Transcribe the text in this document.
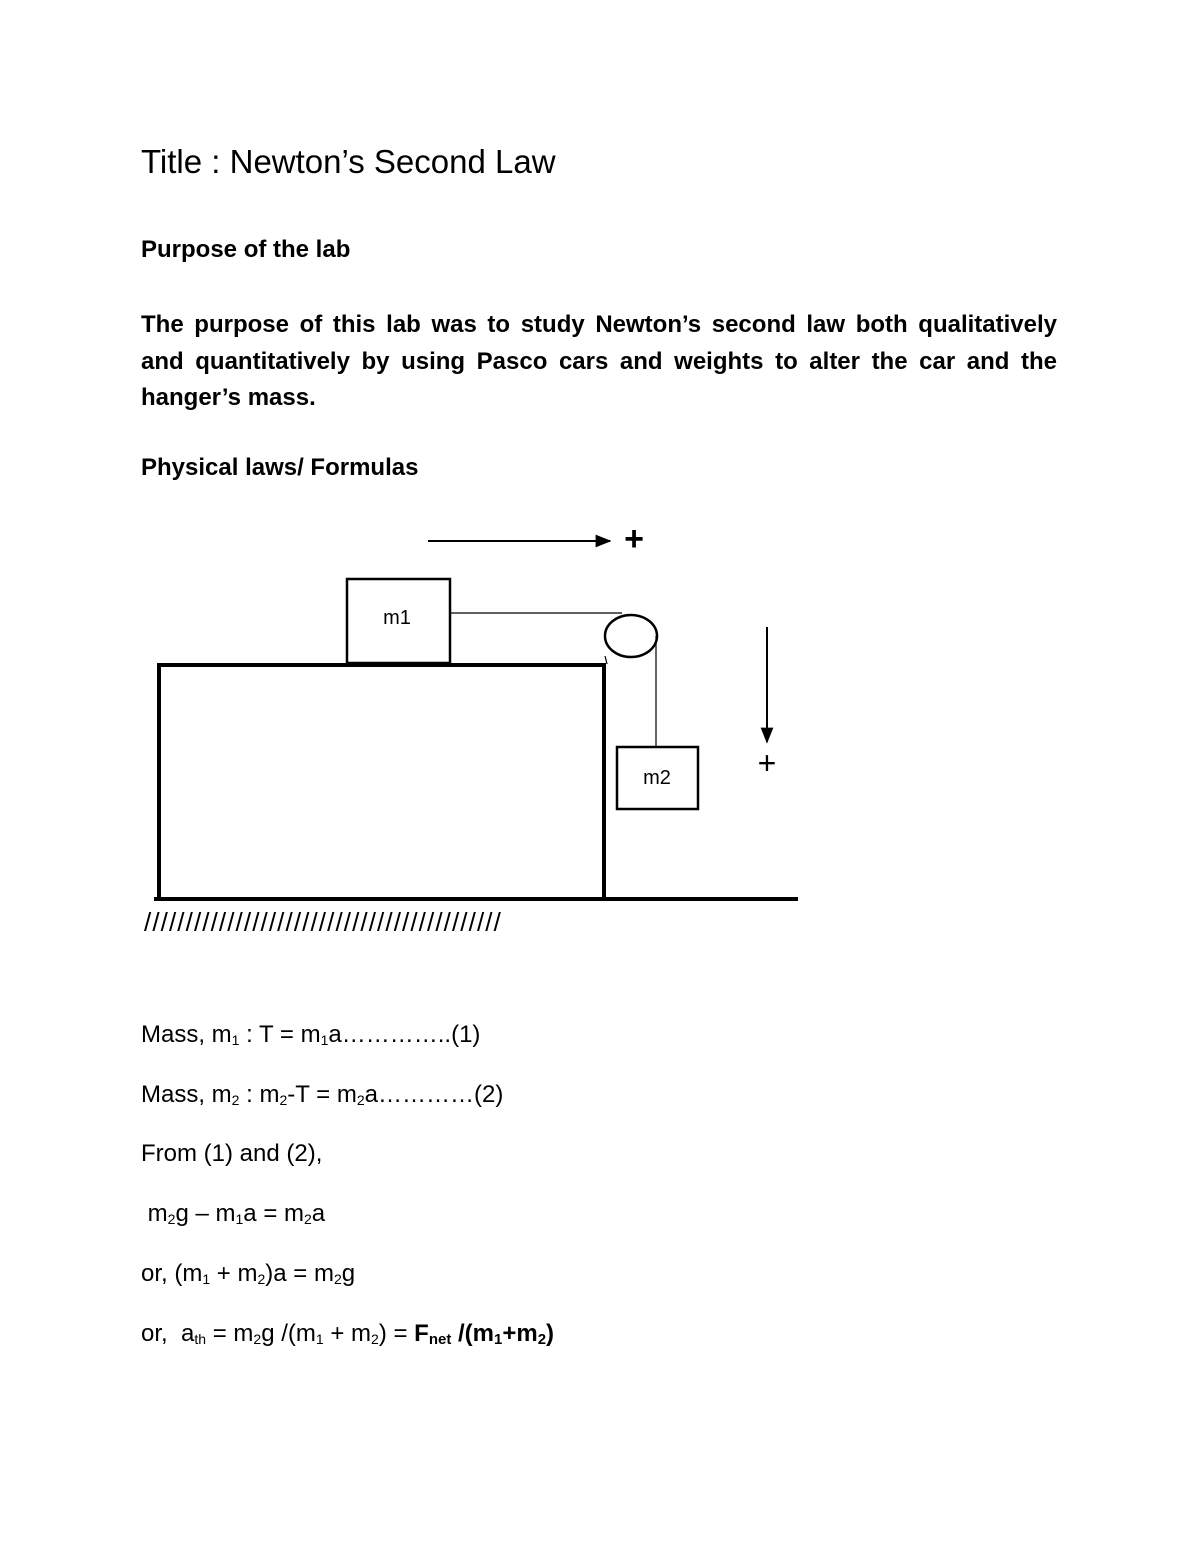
Title : Newton’s Second Law
Purpose of the lab
The purpose of this lab was to study Newton’s second law both qualitatively and quantitatively by using Pasco cars and weights to alter the car and the hanger’s mass.
Physical laws/ Formulas
+
m1
m2	+
///////////////////////////////////////////
Mass, $m_1$ : $T = m_1a\dots\dots\dots\dots..(1)$
Mass, $m_2$ : $m_2-T$ = $m_2a\dots\dots\dots\dots(2)$
From (1) and (2),
$m_2g - m_1a = m_2a$
or, $(m_1 + m_2)a = m_2g$
or,  $a_{th} = m_2g$ $/(m_1 + m_2) = F_{net}$ $/(m_1+m_2)$
